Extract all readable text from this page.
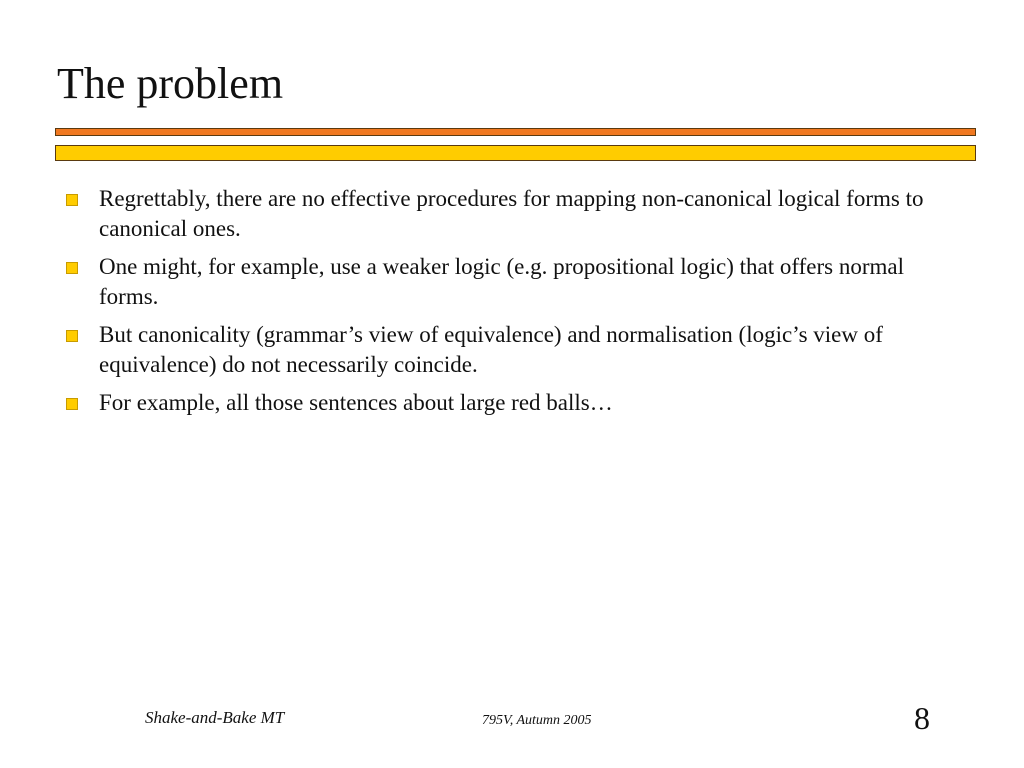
The problem
Regrettably, there are no effective procedures for mapping non-canonical logical forms to canonical ones.
One might, for example, use a weaker logic (e.g. propositional logic) that offers normal forms.
But canonicality (grammar’s view of equivalence) and normalisation (logic’s view of equivalence) do not necessarily coincide.
For example, all those sentences about large red balls…
Shake-and-Bake MT	795V, Autumn 2005	8
